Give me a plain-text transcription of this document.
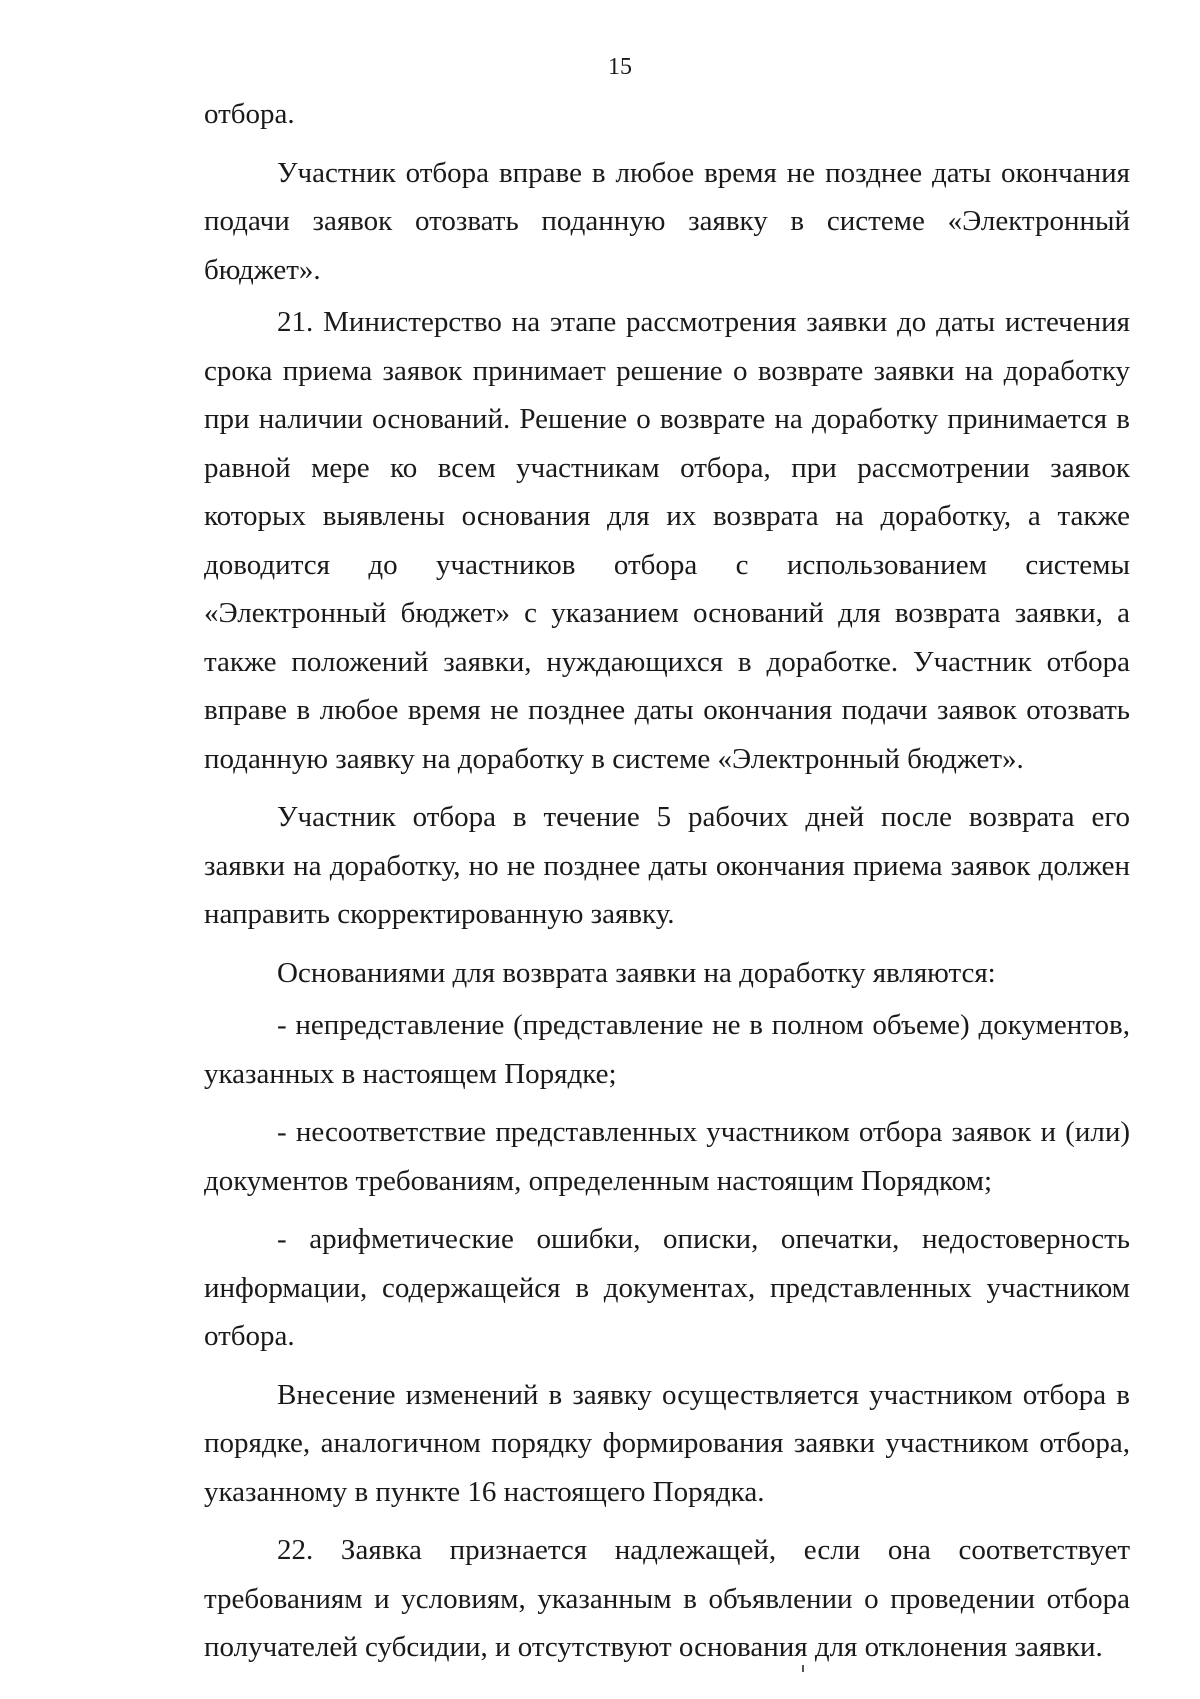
15

отбора.

Участник отбора вправе в любое время не позднее даты окончания подачи заявок отозвать поданную заявку в системе «Электронный бюджет».

21. Министерство на этапе рассмотрения заявки до даты истечения срока приема заявок принимает решение о возврате заявки на доработку при наличии оснований. Решение о возврате на доработку принимается в равной мере ко всем участникам отбора, при рассмотрении заявок которых выявлены основания для их возврата на доработку, а также доводится до участников отбора с использованием системы «Электронный бюджет» с указанием оснований для возврата заявки, а также положений заявки, нуждающихся в доработке. Участник отбора вправе в любое время не позднее даты окончания подачи заявок отозвать поданную заявку на доработку в системе «Электронный бюджет».

Участник отбора в течение 5 рабочих дней после возврата его заявки на доработку, но не позднее даты окончания приема заявок должен направить скорректированную заявку.

Основаниями для возврата заявки на доработку являются:

- непредставление (представление не в полном объеме) документов, указанных в настоящем Порядке;

- несоответствие представленных участником отбора заявок и (или) документов требованиям, определенным настоящим Порядком;

- арифметические ошибки, описки, опечатки, недостоверность информации, содержащейся в документах, представленных участником отбора.

Внесение изменений в заявку осуществляется участником отбора в порядке, аналогичном порядку формирования заявки участником отбора, указанному в пункте 16 настоящего Порядка.

22. Заявка признается надлежащей, если она соответствует требованиям и условиям, указанным в объявлении о проведении отбора получателей субсидии, и отсутствуют основания для отклонения заявки.
